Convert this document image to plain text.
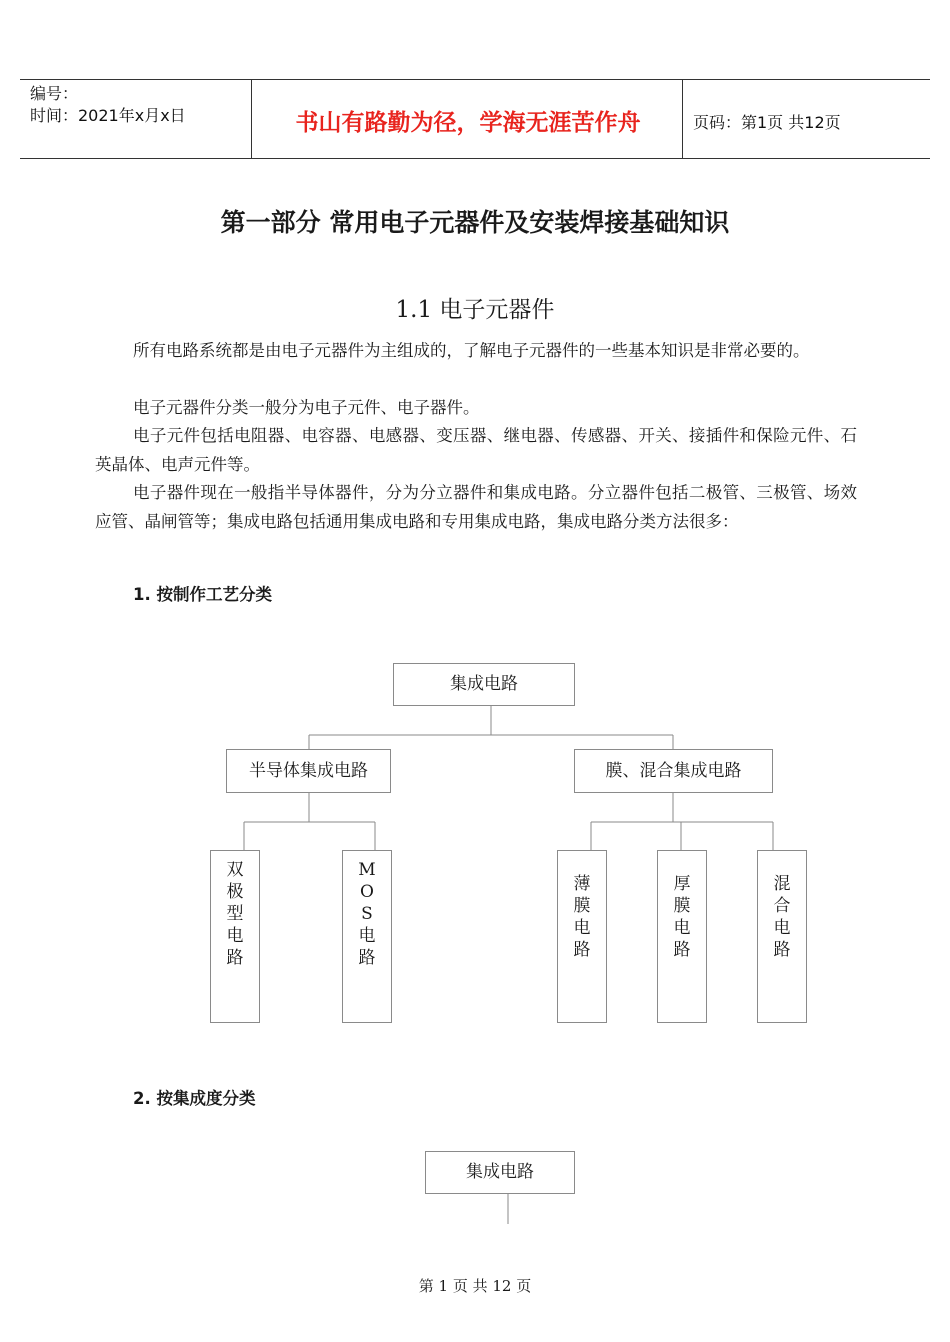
编号：
时间：2021年x月x日	书山有路勤为径，学海无涯苦作舟	页码：第1页 共12页
第一部分 常用电子元器件及安装焊接基础知识
1.1 电子元器件
所有电路系统都是由电子元器件为主组成的，了解电子元器件的一些基本知识是非常必要的。
电子元器件分类一般分为电子元件、电子器件。
电子元件包括电阻器、电容器、电感器、变压器、继电器、传感器、开关、接插件和保险元件、石英晶体、电声元件等。
电子器件现在一般指半导体器件，分为分立器件和集成电路。分立器件包括二极管、三极管、场效应管、晶闸管等；集成电路包括通用集成电路和专用集成电路，集成电路分类方法很多：
1. 按制作工艺分类
集成电路
半导体集成电路	膜、混合集成电路
双
极
型
电
路
M
O
S
电
路
薄
膜
电
路
厚
膜
电
路
混
合
电
路
2. 按集成度分类
集成电路
第 1 页 共 12 页
